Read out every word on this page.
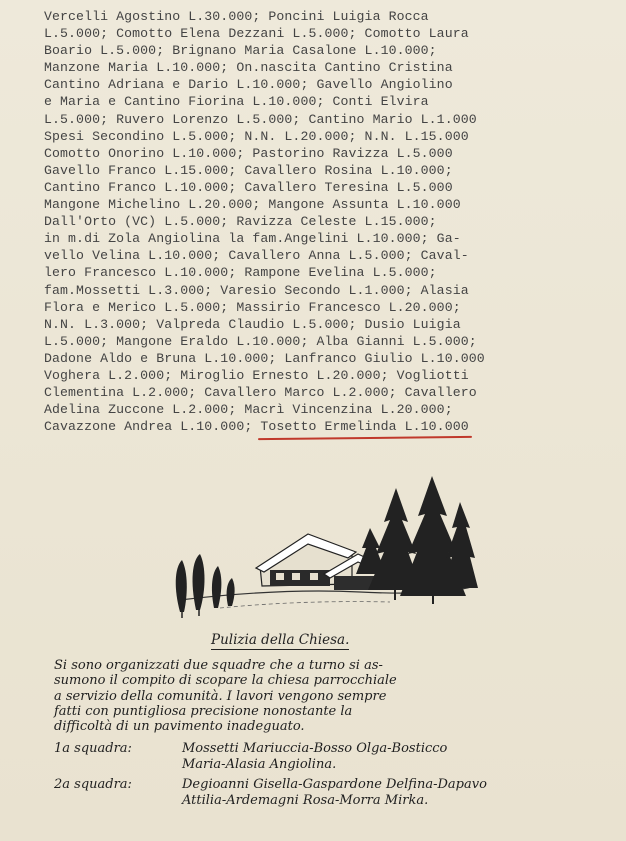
Vercelli Agostino L.30.000; Poncini Luigia Rocca
L.5.000; Comotto Elena Dezzani L.5.000; Comotto Laura
Boario L.5.000; Brignano Maria Casalone L.10.000;
Manzone Maria L.10.000; On.nascita Cantino Cristina
Cantino Adriana e Dario L.10.000; Gavello Angiolino
e Maria e Cantino Fiorina L.10.000; Conti Elvira
L.5.000; Ruvero Lorenzo L.5.000; Cantino Mario L.1.000
Spesi Secondino L.5.000; N.N. L.20.000; N.N. L.15.000
Comotto Onorino L.10.000; Pastorino Ravizza L.5.000
Gavello Franco L.15.000; Cavallero Rosina L.10.000;
Cantino Franco L.10.000; Cavallero Teresina L.5.000
Mangone Michelino L.20.000; Mangone Assunta L.10.000
Dall'Orto (VC) L.5.000; Ravizza Celeste L.15.000;
in m.di Zola Angiolina la fam.Angelini L.10.000; Ga-
vello Velina L.10.000; Cavallero Anna L.5.000; Caval-
lero Francesco L.10.000; Rampone Evelina L.5.000;
fam.Mossetti L.3.000; Varesio Secondo L.1.000; Alasia
Flora e Merico L.5.000; Massirio Francesco L.20.000;
N.N. L.3.000; Valpreda Claudio L.5.000; Dusio Luigia
L.5.000; Mangone Eraldo L.10.000; Alba Gianni L.5.000;
Dadone Aldo e Bruna L.10.000; Lanfranco Giulio L.10.000
Voghera L.2.000; Miroglio Ernesto L.20.000; Vogliotti
Clementina L.2.000; Cavallero Marco L.2.000; Cavallero
Adelina Zuccone L.2.000; Macrì Vincenzina L.20.000;
Cavazzone Andrea L.10.000; Tosetto Ermelinda L.10.000
Pulizia della Chiesa.
Si sono organizzati due squadre che a turno si as-
sumono il compito di scopare la chiesa parrocchiale
a servizio della comunità. I lavori vengono sempre
fatti con puntigliosa precisione nonostante la
difficoltà di un pavimento inadeguato.
1a squadra:	Mossetti Mariuccia-Bosso Olga-Bosticco
Maria-Alasia Angiolina.
2a squadra:	Degioanni Gisella-Gaspardone Delfina-Dapavo
Attilia-Ardemagni Rosa-Morra Mirka.
